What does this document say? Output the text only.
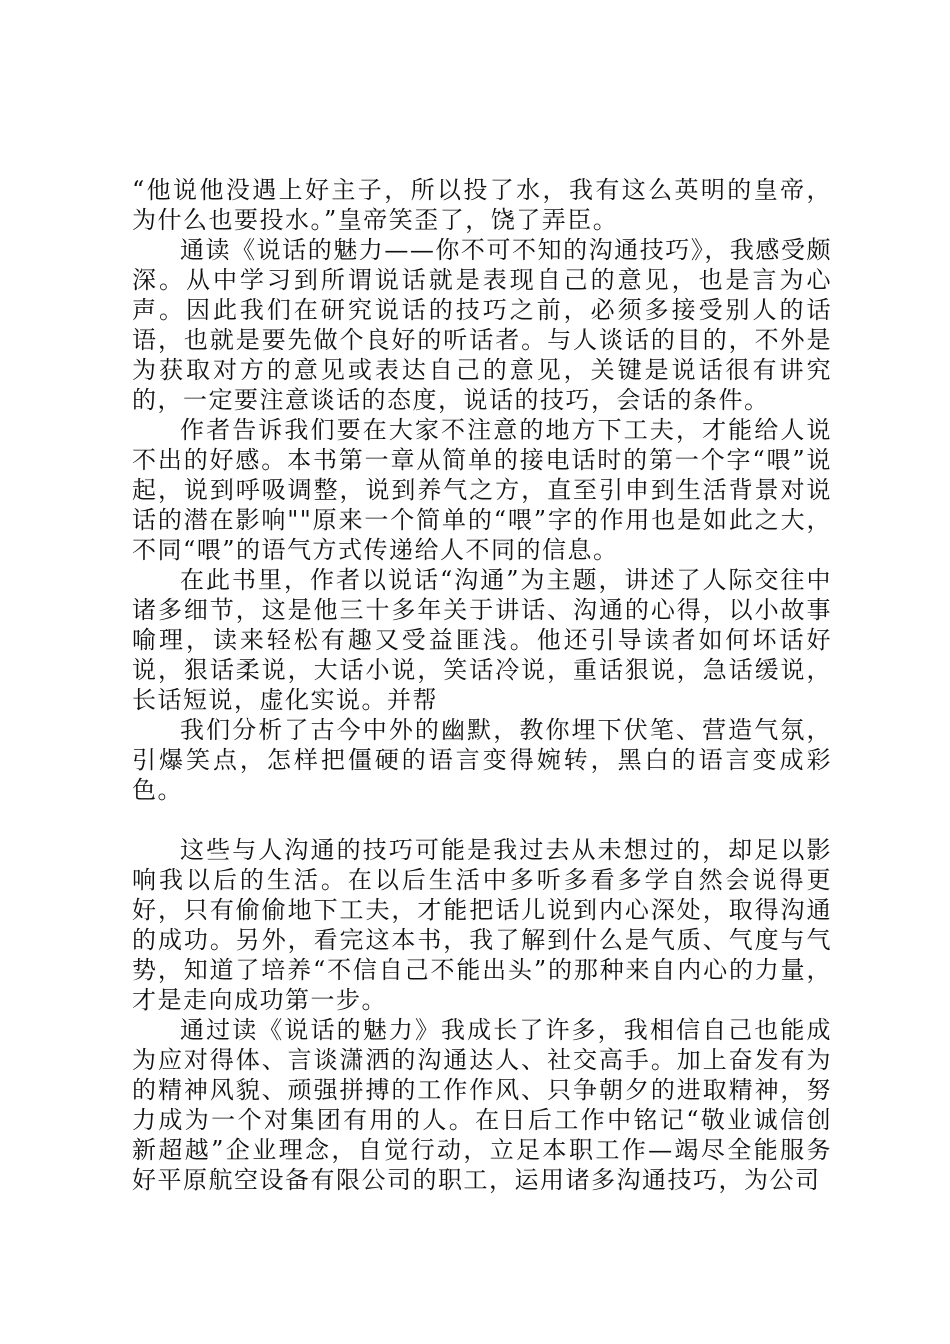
“他说他没遇上好主子，所以投了水，我有这么英明的皇帝，为什么也要投水。”皇帝笑歪了，饶了弄臣。

通读《说话的魅力——你不可不知的沟通技巧》，我感受颇深。从中学习到所谓说话就是表现自己的意见，也是言为心声。因此我们在研究说话的技巧之前，必须多接受别人的话语，也就是要先做个良好的听话者。与人谈话的目的，不外是为获取对方的意见或表达自己的意见，关键是说话很有讲究的，一定要注意谈话的态度，说话的技巧，会话的条件。

作者告诉我们要在大家不注意的地方下工夫，才能给人说不出的好感。本书第一章从简单的接电话时的第一个字“喂”说起，说到呼吸调整，说到养气之方，直至引申到生活背景对说话的潜在影响""原来一个简单的“喂”字的作用也是如此之大，不同“喂”的语气方式传递给人不同的信息。

在此书里，作者以说话“沟通”为主题，讲述了人际交往中诸多细节，这是他三十多年关于讲话、沟通的心得，以小故事喻理，读来轻松有趣又受益匪浅。他还引导读者如何坏话好说，狠话柔说，大话小说，笑话冷说，重话狠说，急话缓说，长话短说，虚化实说。并帮

我们分析了古今中外的幽默，教你埋下伏笔、营造气氛，引爆笑点，怎样把僵硬的语言变得婉转，黑白的语言变成彩色。

这些与人沟通的技巧可能是我过去从未想过的，却足以影响我以后的生活。在以后生活中多听多看多学自然会说得更好，只有偷偷地下工夫，才能把话儿说到内心深处，取得沟通的成功。另外，看完这本书，我了解到什么是气质、气度与气势，知道了培养“不信自己不能出头”的那种来自内心的力量，才是走向成功第一步。

通过读《说话的魅力》我成长了许多，我相信自己也能成为应对得体、言谈潇洒的沟通达人、社交高手。加上奋发有为的精神风貌、顽强拼搏的工作作风、只争朝夕的进取精神，努力成为一个对集团有用的人。在日后工作中铭记“敬业诚信创新超越”企业理念，自觉行动，立足本职工作—竭尽全能服务好平原航空设备有限公司的职工，运用诸多沟通技巧，为公司
